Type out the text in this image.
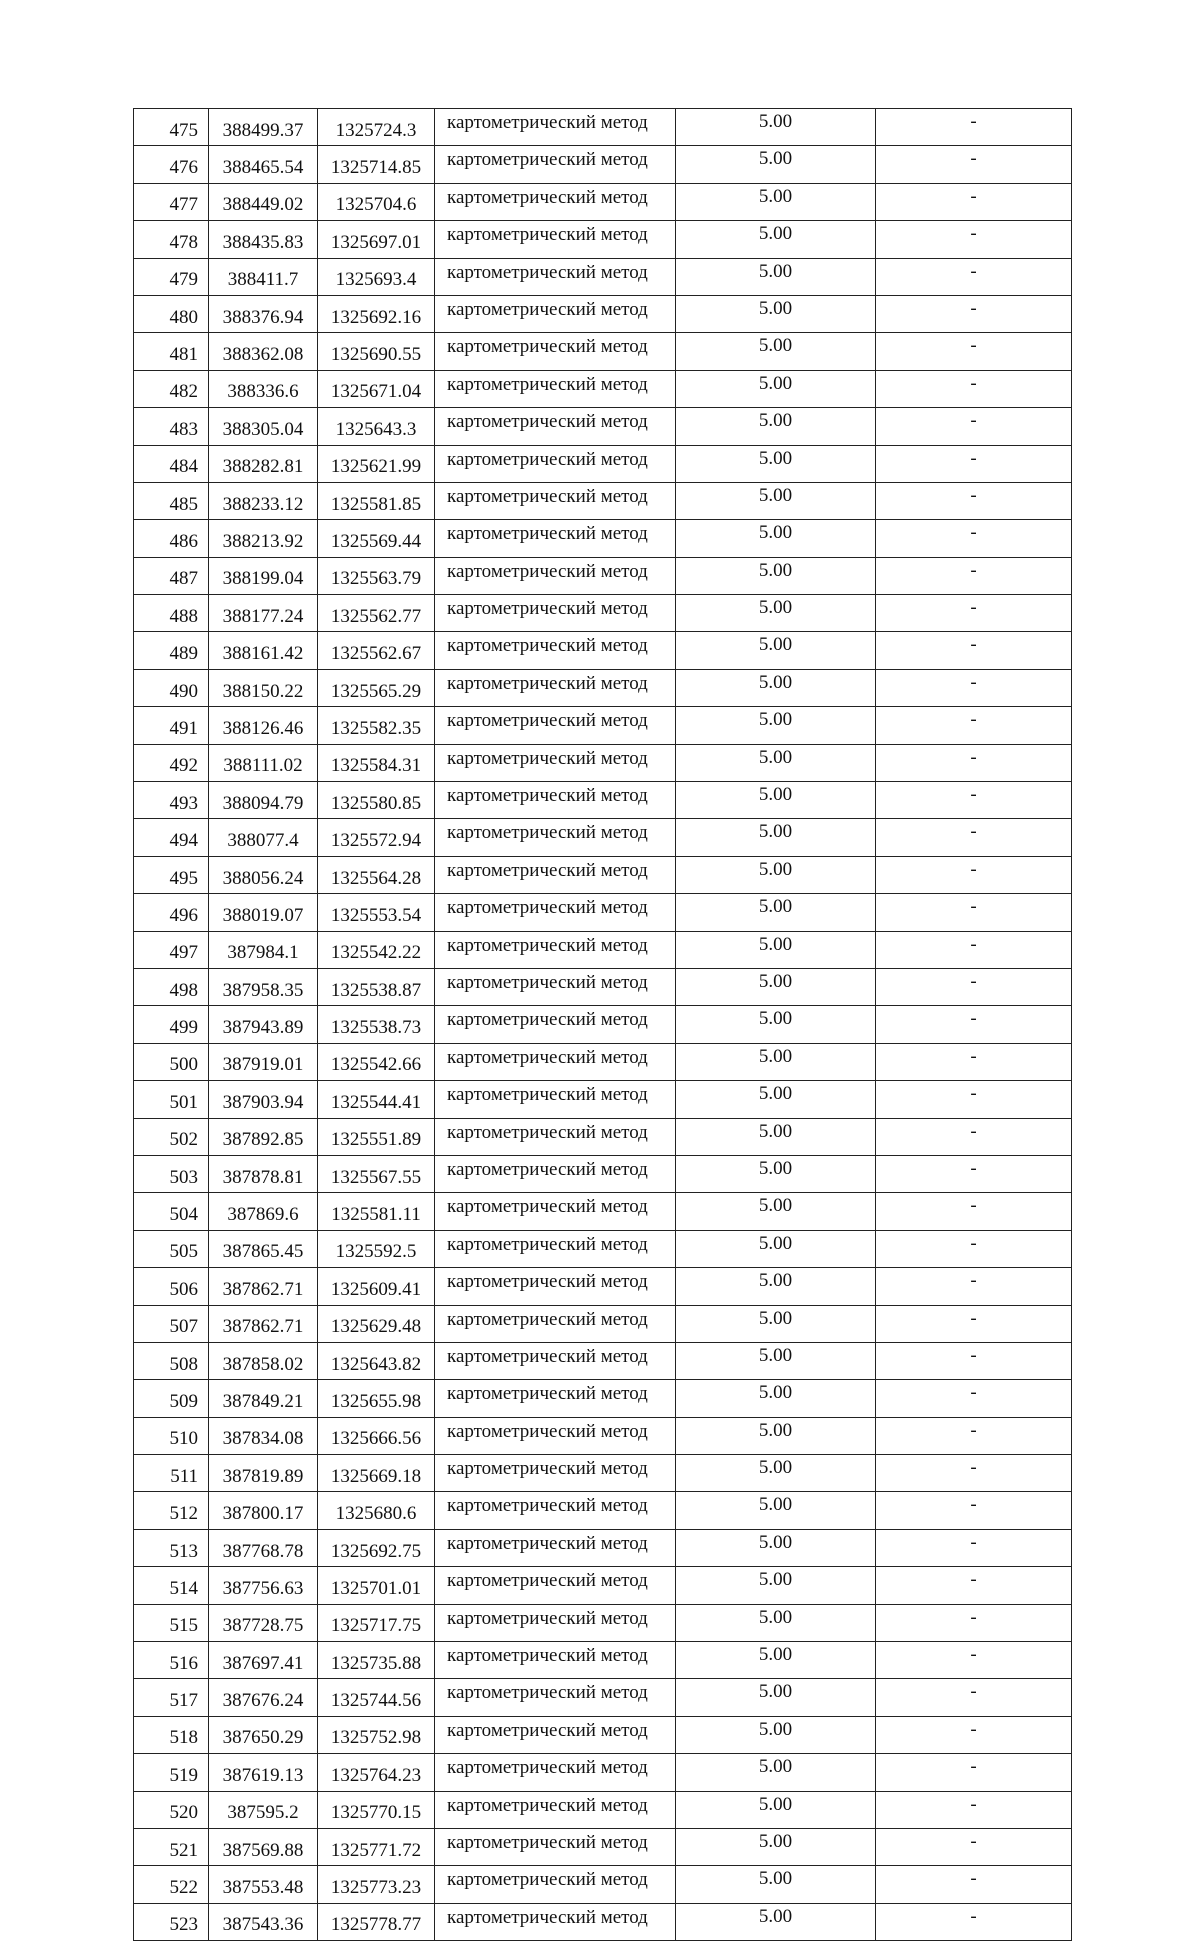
475	388499.37	1325724.3	картометрический метод	5.00	-
476	388465.54	1325714.85	картометрический метод	5.00	-
477	388449.02	1325704.6	картометрический метод	5.00	-
478	388435.83	1325697.01	картометрический метод	5.00	-
479	388411.7	1325693.4	картометрический метод	5.00	-
480	388376.94	1325692.16	картометрический метод	5.00	-
481	388362.08	1325690.55	картометрический метод	5.00	-
482	388336.6	1325671.04	картометрический метод	5.00	-
483	388305.04	1325643.3	картометрический метод	5.00	-
484	388282.81	1325621.99	картометрический метод	5.00	-
485	388233.12	1325581.85	картометрический метод	5.00	-
486	388213.92	1325569.44	картометрический метод	5.00	-
487	388199.04	1325563.79	картометрический метод	5.00	-
488	388177.24	1325562.77	картометрический метод	5.00	-
489	388161.42	1325562.67	картометрический метод	5.00	-
490	388150.22	1325565.29	картометрический метод	5.00	-
491	388126.46	1325582.35	картометрический метод	5.00	-
492	388111.02	1325584.31	картометрический метод	5.00	-
493	388094.79	1325580.85	картометрический метод	5.00	-
494	388077.4	1325572.94	картометрический метод	5.00	-
495	388056.24	1325564.28	картометрический метод	5.00	-
496	388019.07	1325553.54	картометрический метод	5.00	-
497	387984.1	1325542.22	картометрический метод	5.00	-
498	387958.35	1325538.87	картометрический метод	5.00	-
499	387943.89	1325538.73	картометрический метод	5.00	-
500	387919.01	1325542.66	картометрический метод	5.00	-
501	387903.94	1325544.41	картометрический метод	5.00	-
502	387892.85	1325551.89	картометрический метод	5.00	-
503	387878.81	1325567.55	картометрический метод	5.00	-
504	387869.6	1325581.11	картометрический метод	5.00	-
505	387865.45	1325592.5	картометрический метод	5.00	-
506	387862.71	1325609.41	картометрический метод	5.00	-
507	387862.71	1325629.48	картометрический метод	5.00	-
508	387858.02	1325643.82	картометрический метод	5.00	-
509	387849.21	1325655.98	картометрический метод	5.00	-
510	387834.08	1325666.56	картометрический метод	5.00	-
511	387819.89	1325669.18	картометрический метод	5.00	-
512	387800.17	1325680.6	картометрический метод	5.00	-
513	387768.78	1325692.75	картометрический метод	5.00	-
514	387756.63	1325701.01	картометрический метод	5.00	-
515	387728.75	1325717.75	картометрический метод	5.00	-
516	387697.41	1325735.88	картометрический метод	5.00	-
517	387676.24	1325744.56	картометрический метод	5.00	-
518	387650.29	1325752.98	картометрический метод	5.00	-
519	387619.13	1325764.23	картометрический метод	5.00	-
520	387595.2	1325770.15	картометрический метод	5.00	-
521	387569.88	1325771.72	картометрический метод	5.00	-
522	387553.48	1325773.23	картометрический метод	5.00	-
523	387543.36	1325778.77	картометрический метод	5.00	-
